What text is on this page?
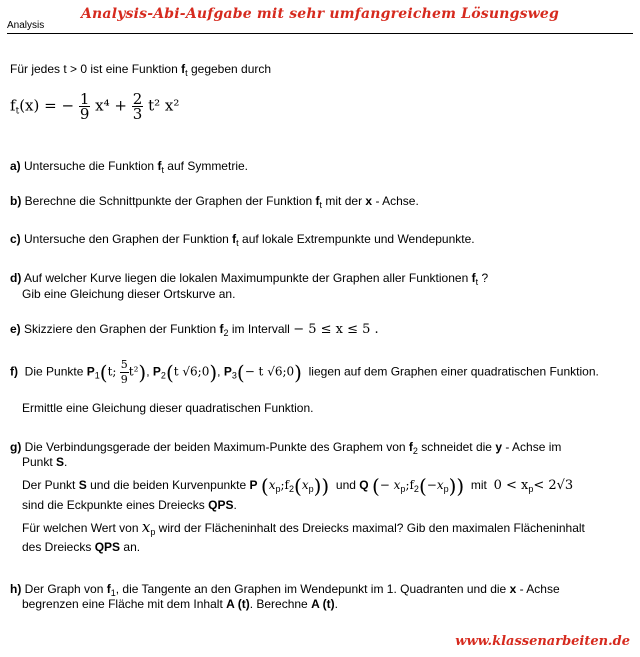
Analysis
Analysis-Abi-Aufgabe mit sehr umfangreichem Lösungsweg
Für jedes t > 0 ist eine Funktion $f_t$ gegeben durch
$f_t(x)$ = − $\frac{1}{9} x^4 + \frac{2}{3} t^2$ x²
a) Untersuche die Funktion $f_t$ auf Symmetrie.
b) Berechne die Schnittpunkte der Graphen der Funktion $f_t$ mit der x - Achse.
c) Untersuche den Graphen der Funktion $f_t$ auf lokale Extrempunkte und Wendepunkte.
d) Auf welcher Kurve liegen die lokalen Maximumpunkte der Graphen aller Funktionen $f_t$ ?
Gib eine Gleichung dieser Ortskurve an.
e) Skizziere den Graphen der Funktion $f_2$ im Intervall − 5 ≤ x ≤ 5 .
f) Die Punkte $P_1(t$; $\frac{5}{9} t^2$), $P_2(t$ √6;0), $P_3(- t$ √6;0) liegen auf dem Graphen einer quadratischen Funktion.
Ermittle eine Gleichung dieser quadratischen Funktion.
g) Die Verbindungsgerade der beiden Maximum-Punkte des Graphem von $f_2$ schneidet die y - Achse im
Punkt S.
Der Punkt S und die beiden Kurvenpunkte P $(x_p;f_2(x_p))$ und Q (− $x_p;f_2(-x_p)$) mit $0 < x_p< 2√3$
sind die Eckpunkte eines Dreiecks QPS.
Für welchen Wert von $x_p$ wird der Flächeninhalt des Dreiecks maximal? Gib den maximalen Flächeninhalt
des Dreiecks QPS an.
h) Der Graph von $f_1$, die Tangente an den Graphen im Wendepunkt im 1. Quadranten und die x - Achse
begrenzen eine Fläche mit dem Inhalt A (t). Berechne A (t).
www.klassenarbeiten.de
